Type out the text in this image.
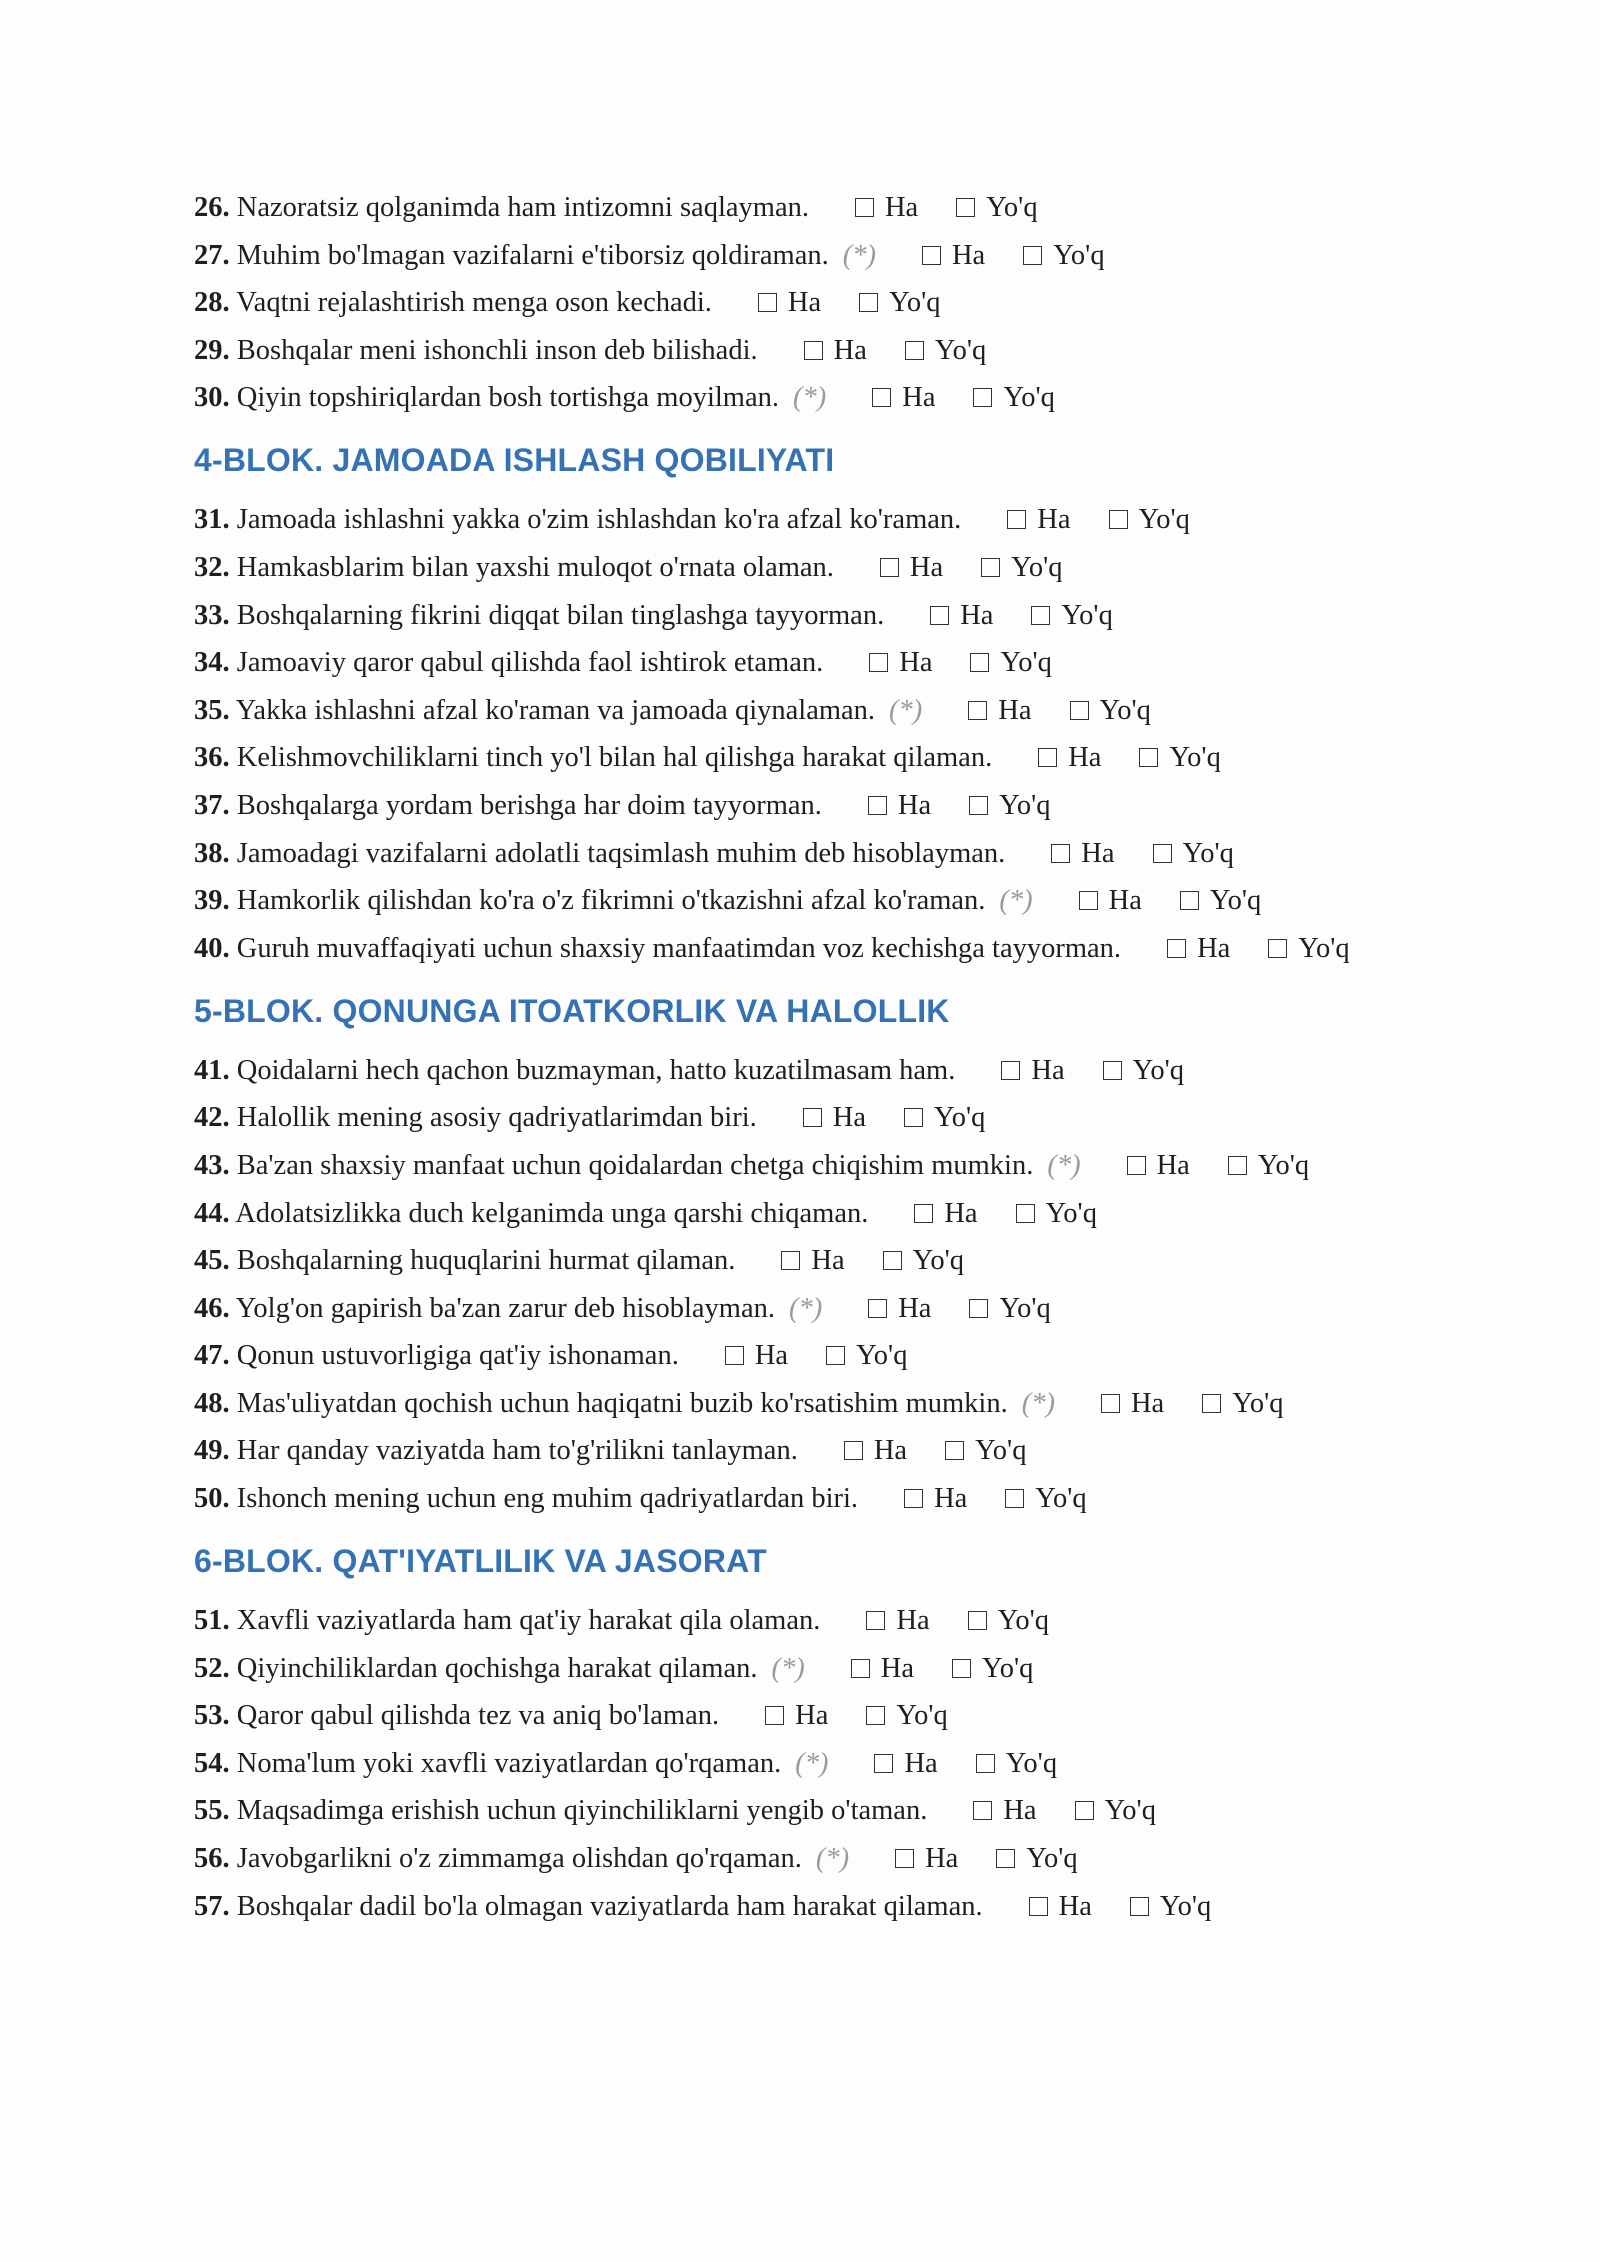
26. Nazoratsiz qolganimda ham intizomni saqlayman.	Ha Yo'q
27. Muhim bo'lmagan vazifalarni e'tiborsiz qoldiraman. (*)	Ha Yo'q
28. Vaqtni rejalashtirish menga oson kechadi.	Ha Yo'q
29. Boshqalar meni ishonchli inson deb bilishadi.	Ha Yo'q
30. Qiyin topshiriqlardan bosh tortishga moyilman. (*)	Ha Yo'q
4-BLOK. JAMOADA ISHLASH QOBILIYATI
31. Jamoada ishlashni yakka o'zim ishlashdan ko'ra afzal ko'raman.	Ha Yo'q
32. Hamkasblarim bilan yaxshi muloqot o'rnata olaman.	Ha Yo'q
33. Boshqalarning fikrini diqqat bilan tinglashga tayyorman.	Ha Yo'q
34. Jamoaviy qaror qabul qilishda faol ishtirok etaman.	Ha Yo'q
35. Yakka ishlashni afzal ko'raman va jamoada qiynalaman. (*)	Ha Yo'q
36. Kelishmovchiliklarni tinch yo'l bilan hal qilishga harakat qilaman.	Ha Yo'q
37. Boshqalarga yordam berishga har doim tayyorman.	Ha Yo'q
38. Jamoadagi vazifalarni adolatli taqsimlash muhim deb hisoblayman.	Ha Yo'q
39. Hamkorlik qilishdan ko'ra o'z fikrimni o'tkazishni afzal ko'raman. (*)	Ha Yo'q
40. Guruh muvaffaqiyati uchun shaxsiy manfaatimdan voz kechishga tayyorman.	Ha Yo'q
5-BLOK. QONUNGA ITOATKORLIK VA HALOLLIK
41. Qoidalarni hech qachon buzmayman, hatto kuzatilmasam ham.	Ha Yo'q
42. Halollik mening asosiy qadriyatlarimdan biri.	Ha Yo'q
43. Ba'zan shaxsiy manfaat uchun qoidalardan chetga chiqishim mumkin. (*)	Ha Yo'q
44. Adolatsizlikka duch kelganimda unga qarshi chiqaman.	Ha Yo'q
45. Boshqalarning huquqlarini hurmat qilaman.	Ha Yo'q
46. Yolg'on gapirish ba'zan zarur deb hisoblayman. (*)	Ha Yo'q
47. Qonun ustuvorligiga qat'iy ishonaman.	Ha Yo'q
48. Mas'uliyatdan qochish uchun haqiqatni buzib ko'rsatishim mumkin. (*)	Ha Yo'q
49. Har qanday vaziyatda ham to'g'rilikni tanlayman.	Ha Yo'q
50. Ishonch mening uchun eng muhim qadriyatlardan biri.	Ha Yo'q
6-BLOK. QAT'IYATLILIK VA JASORAT
51. Xavfli vaziyatlarda ham qat'iy harakat qila olaman.	Ha Yo'q
52. Qiyinchiliklardan qochishga harakat qilaman. (*)	Ha Yo'q
53. Qaror qabul qilishda tez va aniq bo'laman.	Ha Yo'q
54. Noma'lum yoki xavfli vaziyatlardan qo'rqaman. (*)	Ha Yo'q
55. Maqsadimga erishish uchun qiyinchiliklarni yengib o'taman.	Ha Yo'q
56. Javobgarlikni o'z zimmamga olishdan qo'rqaman. (*)	Ha Yo'q
57. Boshqalar dadil bo'la olmagan vaziyatlarda ham harakat qilaman.	Ha Yo'q
